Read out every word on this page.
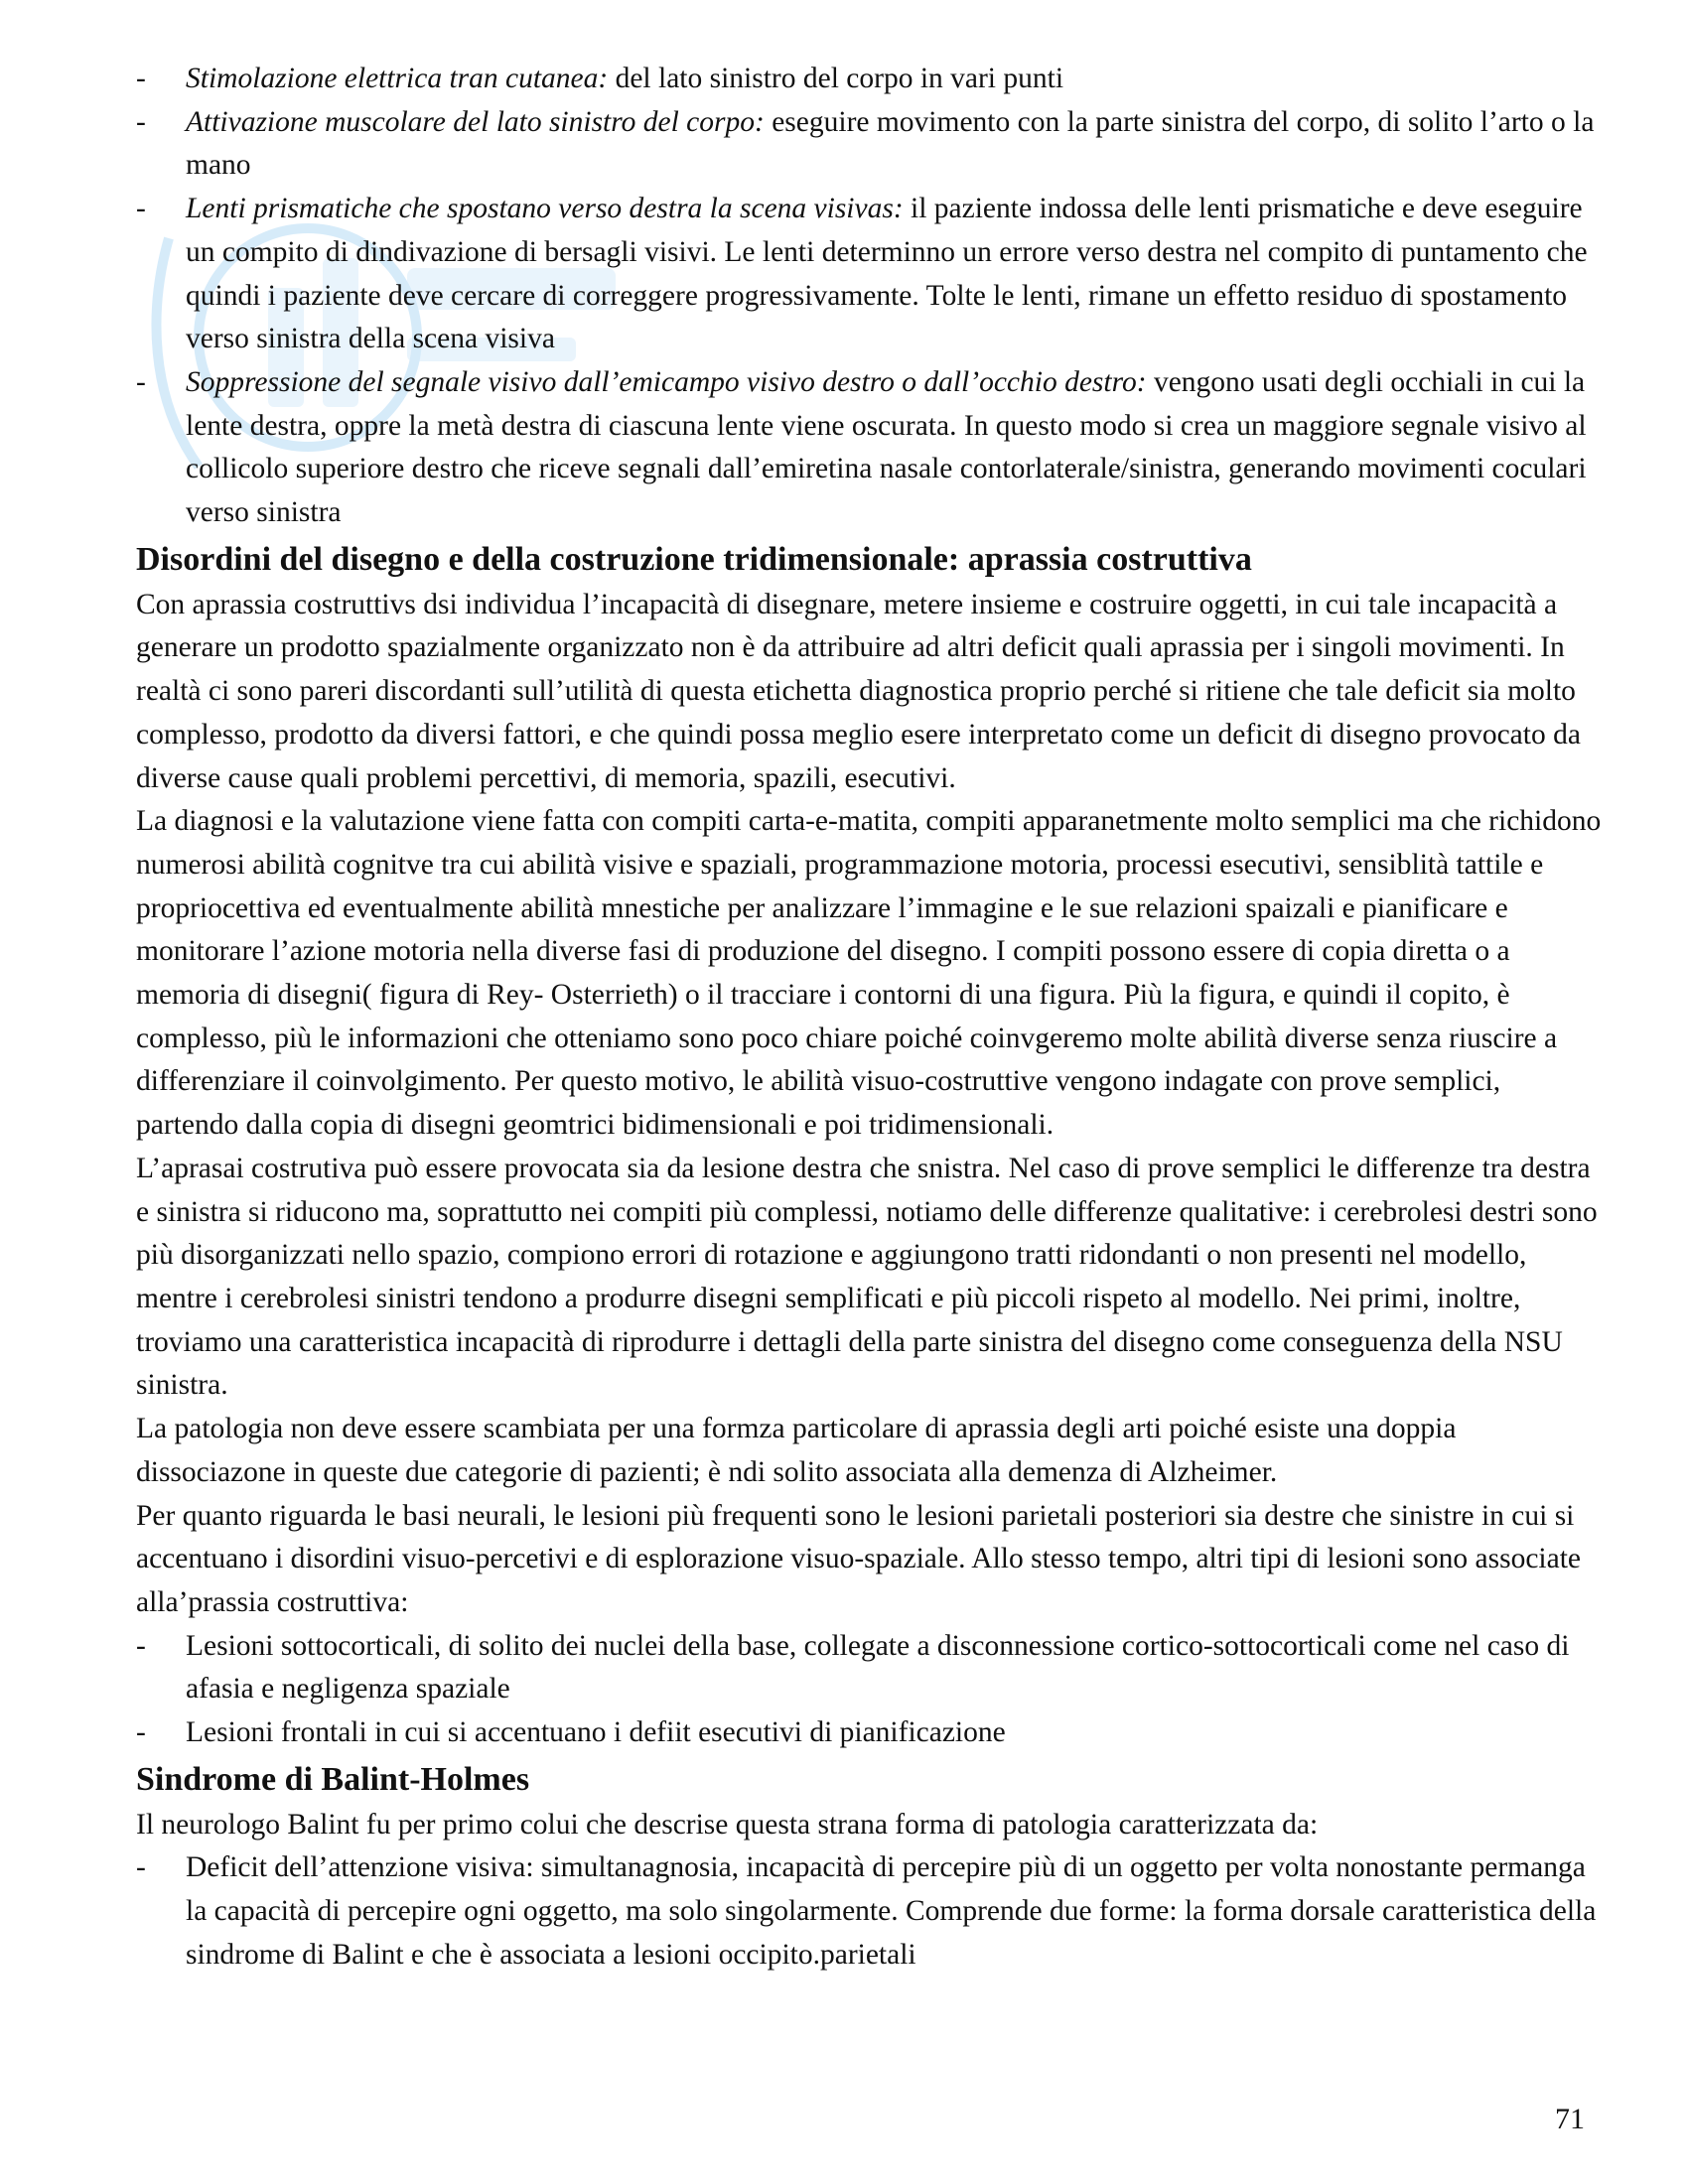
-	Stimolazione elettrica tran cutanea: del lato sinistro del corpo in vari punti
-	Attivazione muscolare del lato sinistro del corpo: eseguire movimento con la parte sinistra del corpo, di solito l’arto o la mano
-	Lenti prismatiche che spostano verso destra la scena visivas: il paziente indossa delle lenti prismatiche e deve eseguire un compito di dindivazione di bersagli visivi. Le lenti determinno un errore verso destra nel compito di puntamento che quindi i paziente deve cercare di correggere progressivamente. Tolte le lenti, rimane un effetto residuo di spostamento verso sinistra della scena visiva
-	Soppressione del segnale visivo dall’emicampo visivo destro o dall’occhio destro: vengono usati degli occhiali in cui la lente destra, oppre la metà destra di ciascuna lente viene oscurata. In questo modo si crea un maggiore segnale visivo al collicolo superiore destro che riceve segnali dall’emiretina nasale contorlaterale/sinistra, generando movimenti coculari verso sinistra
Disordini del disegno e della costruzione tridimensionale: aprassia costruttiva

Con aprassia costruttivs dsi individua l’incapacità di disegnare, metere insieme e costruire oggetti, in cui tale incapacità a generare un prodotto spazialmente organizzato non è da attribuire ad altri deficit quali aprassia per i singoli movimenti. In realtà ci sono pareri discordanti sull’utilità di questa etichetta diagnostica proprio perché si ritiene che tale deficit sia molto complesso, prodotto da diversi fattori, e che quindi possa meglio esere interpretato come un deficit di disegno provocato da diverse cause quali problemi percettivi, di memoria, spazili, esecutivi.

La diagnosi e la valutazione viene fatta con compiti carta-e-matita, compiti apparanetmente molto semplici ma che richidono numerosi abilità cognitve tra cui abilità visive e spaziali, programmazione motoria, processi esecutivi, sensiblità tattile e propriocettiva ed eventualmente abilità mnestiche per analizzare l’immagine e le sue relazioni spaizali e pianificare e monitorare l’azione motoria nella diverse fasi di produzione del disegno. I compiti possono essere di copia diretta o a memoria di disegni( figura di Rey- Osterrieth) o il tracciare i contorni di una figura. Più la figura, e quindi il copito, è complesso, più le informazioni che otteniamo sono poco chiare poiché coinvgeremo molte abilità diverse senza riuscire a differenziare il coinvolgimento. Per questo motivo, le abilità visuo-costruttive vengono indagate con prove semplici, partendo dalla copia di disegni geomtrici bidimensionali e poi tridimensionali.

L’aprasai costrutiva può essere provocata sia da lesione destra che snistra. Nel caso di prove semplici le differenze tra destra e sinistra si riducono ma, soprattutto nei compiti più complessi, notiamo delle differenze qualitative: i cerebrolesi destri sono più disorganizzati nello spazio, compiono errori di rotazione e aggiungono tratti ridondanti o non presenti nel modello, mentre i cerebrolesi sinistri tendono a produrre disegni semplificati e più piccoli rispeto al modello. Nei primi, inoltre, troviamo una caratteristica incapacità di riprodurre i dettagli della parte sinistra del disegno come conseguenza della NSU sinistra.

La patologia non deve essere scambiata per una formza particolare di aprassia degli arti poiché esiste una doppia dissociazone in queste due categorie di pazienti; è ndi solito associata alla demenza di Alzheimer.

Per quanto riguarda le basi neurali, le lesioni più frequenti sono le lesioni parietali posteriori sia destre che sinistre in cui si accentuano i disordini visuo-percetivi e di esplorazione visuo-spaziale. Allo stesso tempo, altri tipi di lesioni sono associate alla’prassia costruttiva:

-	Lesioni sottocorticali, di solito dei nuclei della base, collegate a disconnessione cortico-sottocorticali come nel caso di afasia e negligenza spaziale
-	Lesioni frontali in cui si accentuano i defiit esecutivi di pianificazione
Sindrome di Balint-Holmes

Il neurologo Balint fu per primo colui che descrise questa strana forma di patologia caratterizzata da:

-	Deficit dell’attenzione visiva: simultanagnosia, incapacità di percepire più di un oggetto per volta nonostante permanga la capacità di percepire ogni oggetto, ma solo singolarmente. Comprende due forme: la forma dorsale caratteristica della sindrome di Balint e che è associata a lesioni occipito.parietali
71
